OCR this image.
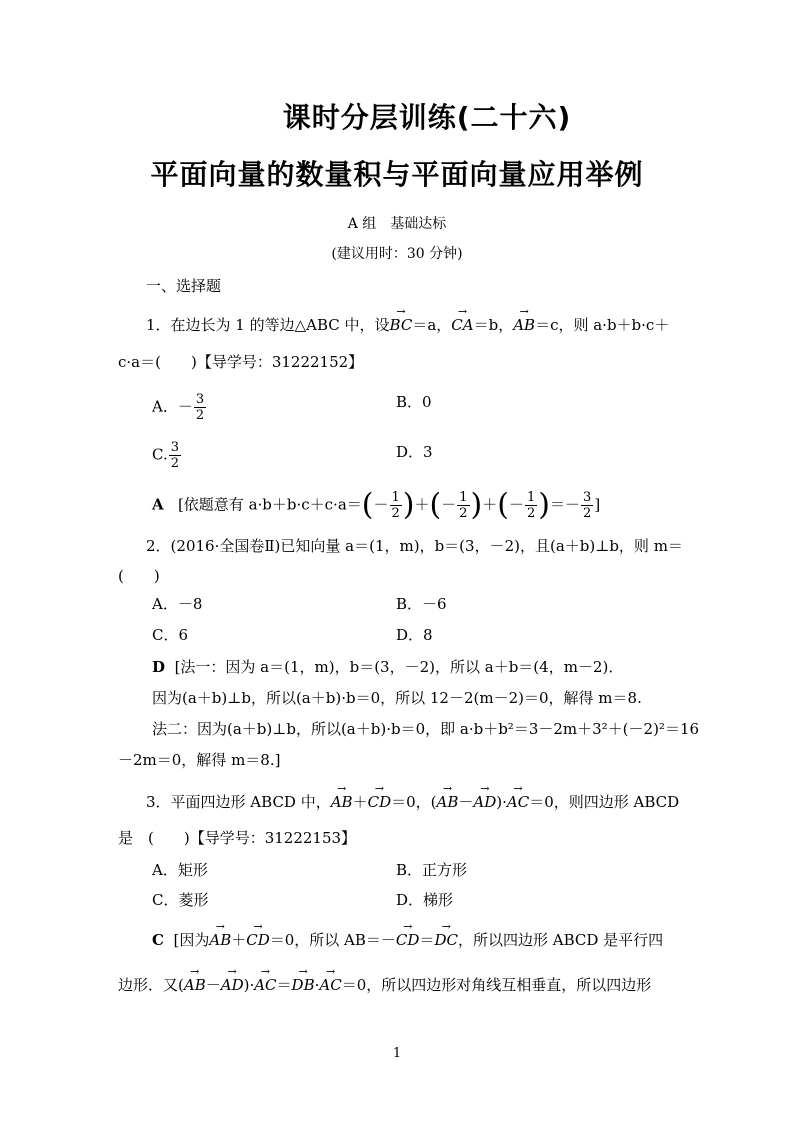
课时分层训练(二十六)
平面向量的数量积与平面向量应用举例
A 组　基础达标
(建议用时：30 分钟)
一、选择题
1．在边长为 1 的等边△ABC 中，设→ BC＝a，→ CA＝b，→ AB＝c，则 a·b＋b·c＋
c·a＝(　　)【导学号：31222152】
A．－ $\frac{3}{2}$	B．0
C. $\frac{3}{2}$	D．3
A [依题意有 $a\cdot b+b\cdot c+c\cdot a=(- \frac{1}{2}$ )＋(－ $\frac{1}{2}$ )＋(－ $\frac{1}{2}$ )＝－ $\frac{3}{2}$ ]
2．(2016·全国卷Ⅱ)已知向量 a＝(1，m)，b＝(3，－2)，且(a＋b)⊥b，则 m＝
(　　)
A．－8	B．－6
C．6	D．8
D [法一：因为 a＝(1，m)，b＝(3，－2)，所以 a＋b＝(4，m－2)．
因为(a＋b)⊥b，所以(a＋b)·b＝0，所以 12－2(m－2)＝0，解得 m＝8.
法二：因为(a＋b)⊥b，所以(a＋b)·b＝0，即 a·b＋b²＝3－2m＋3²＋(－2)²＝16
－2m＝0，解得 m＝8.]
3．平面四边形 ABCD 中，→ AB＋→ CD＝0，(→ AB－→ AD)·→ AC＝0，则四边形 ABCD
是　(　　)【导学号：31222153】
A．矩形	B．正方形
C．菱形	D．梯形
C [因为→ AB＋→ CD＝0，所以 AB＝－→ CD＝→ DC，所以四边形 ABCD 是平行四
边形．又(→ AB－→ AD)·→ AC＝→ DB·→ AC＝0，所以四边形对角线互相垂直，所以四边形
1
